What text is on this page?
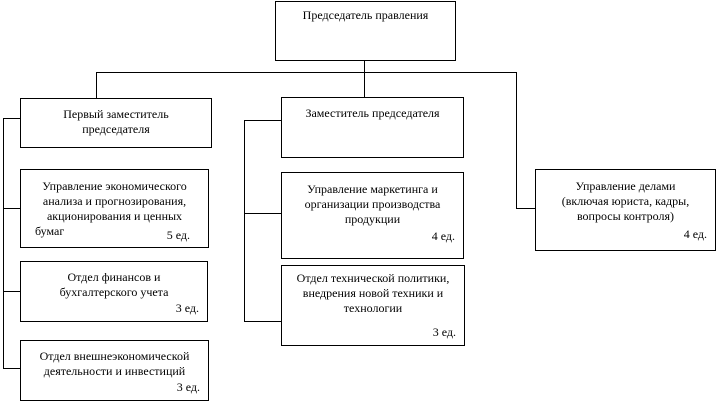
Председатель правления
Первый заместитель
председателя
Управление экономического
анализа и прогнозирования,
акционирования и ценных
бумаг	5 ед.
Отдел финансов и
бухгалтерского учета
3 ед.
Отдел внешнеэкономической
деятельности и инвестиций
3 ед.
Заместитель председателя
Управление маркетинга и
организации производства
продукции
4 ед.
Отдел технической политики,
внедрения новой техники и
технологии
3 ед.
Управление делами
(включая юриста, кадры,
вопросы контроля)
4 ед.
